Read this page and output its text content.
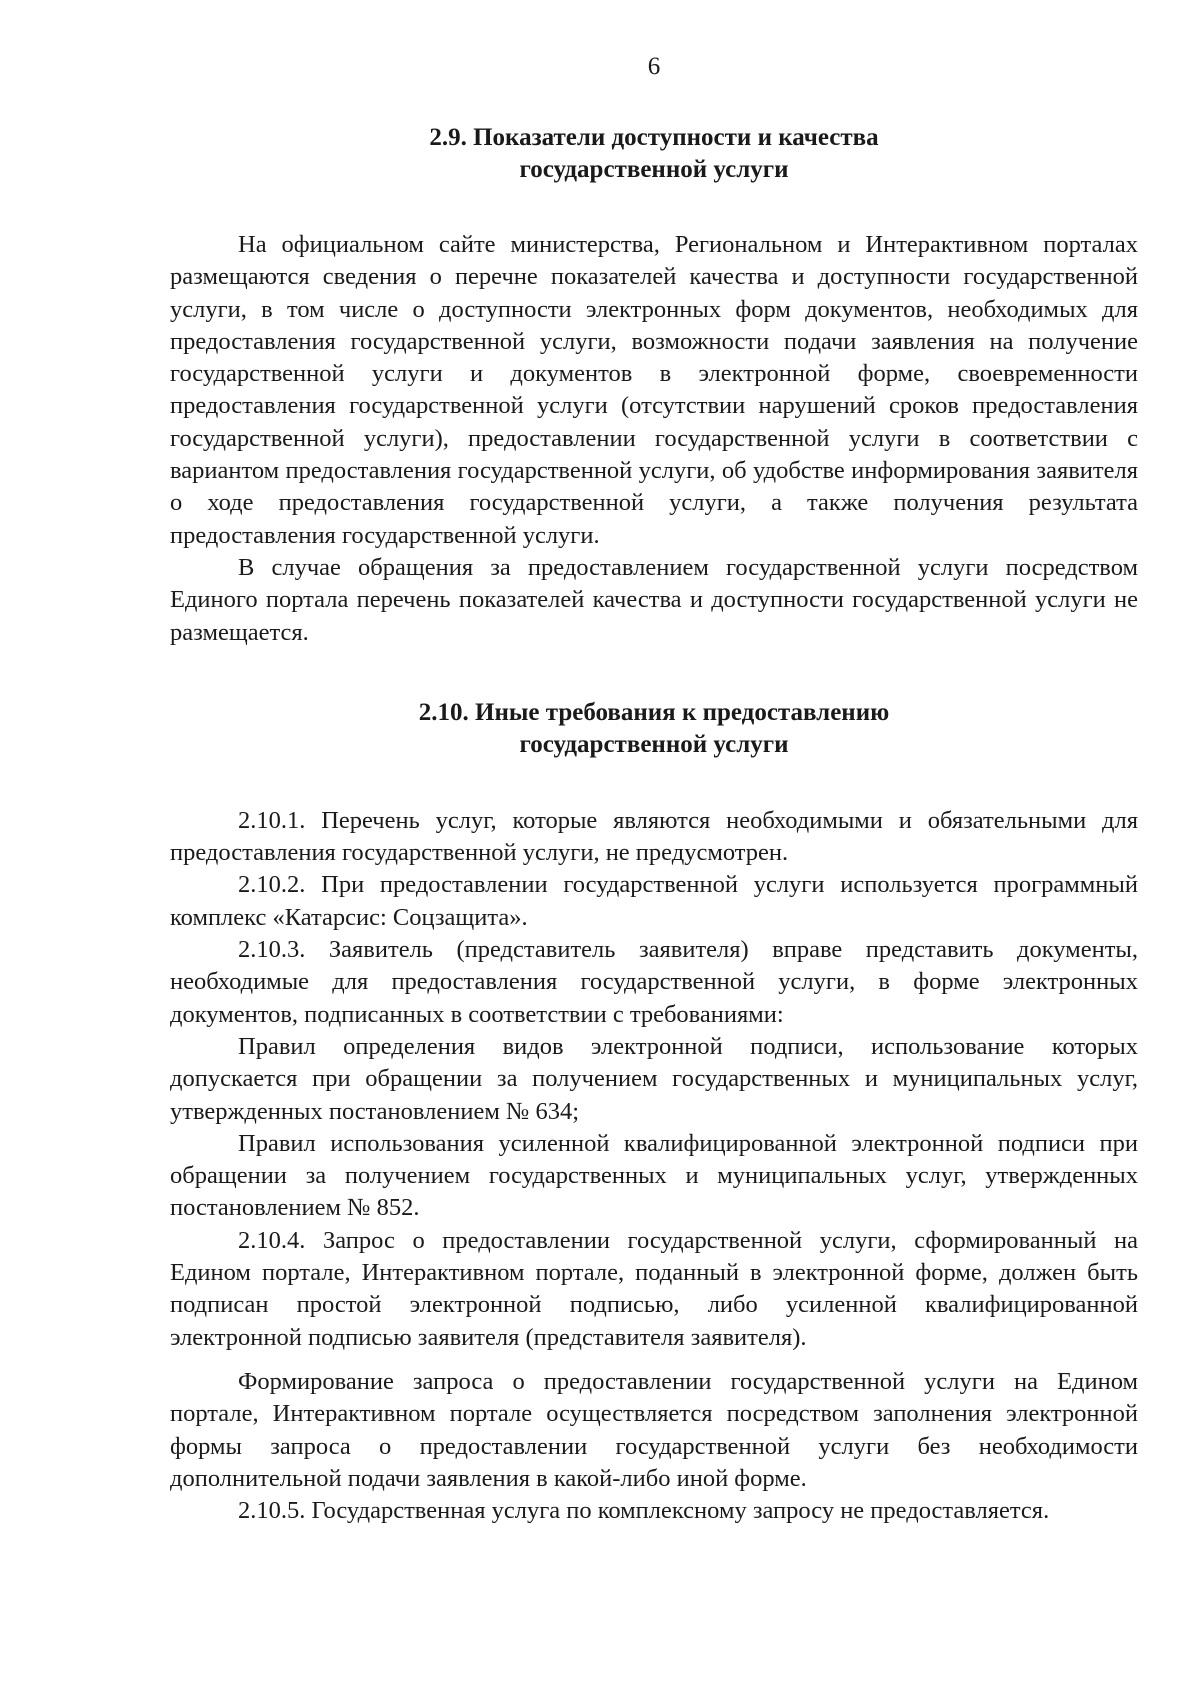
6
2.9. Показатели доступности и качества
государственной услуги

На официальном сайте министерства, Региональном и Интерактивном порталах размещаются сведения о перечне показателей качества и доступности государственной услуги, в том числе о доступности электронных форм документов, необходимых для предоставления государственной услуги, возможности подачи заявления на получение государственной услуги и документов в электронной форме, своевременности предоставления государственной услуги (отсутствии нарушений сроков предоставления государственной услуги), предоставлении государственной услуги в соответствии с вариантом предоставления государственной услуги, об удобстве информирования заявителя о ходе предоставления государственной услуги, а также получения результата предоставления государственной услуги.

В случае обращения за предоставлением государственной услуги посредством Единого портала перечень показателей качества и доступности государственной услуги не размещается.

2.10. Иные требования к предоставлению
государственной услуги

2.10.1. Перечень услуг, которые являются необходимыми и обязательными для предоставления государственной услуги, не предусмотрен.

2.10.2. При предоставлении государственной услуги используется программный комплекс «Катарсис: Соцзащита».

2.10.3. Заявитель (представитель заявителя) вправе представить документы, необходимые для предоставления государственной услуги, в форме электронных документов, подписанных в соответствии с требованиями:

Правил определения видов электронной подписи, использование которых допускается при обращении за получением государственных и муниципальных услуг, утвержденных постановлением № 634;

Правил использования усиленной квалифицированной электронной подписи при обращении за получением государственных и муниципальных услуг, утвержденных постановлением № 852.

2.10.4. Запрос о предоставлении государственной услуги, сформированный на Едином портале, Интерактивном портале, поданный в электронной форме, должен быть подписан простой электронной подписью, либо усиленной квалифицированной электронной подписью заявителя (представителя заявителя).

Формирование запроса о предоставлении государственной услуги на Едином портале, Интерактивном портале осуществляется посредством заполнения электронной формы запроса о предоставлении государственной услуги без необходимости дополнительной подачи заявления в какой-либо иной форме.

2.10.5. Государственная услуга по комплексному запросу не предоставляется.
